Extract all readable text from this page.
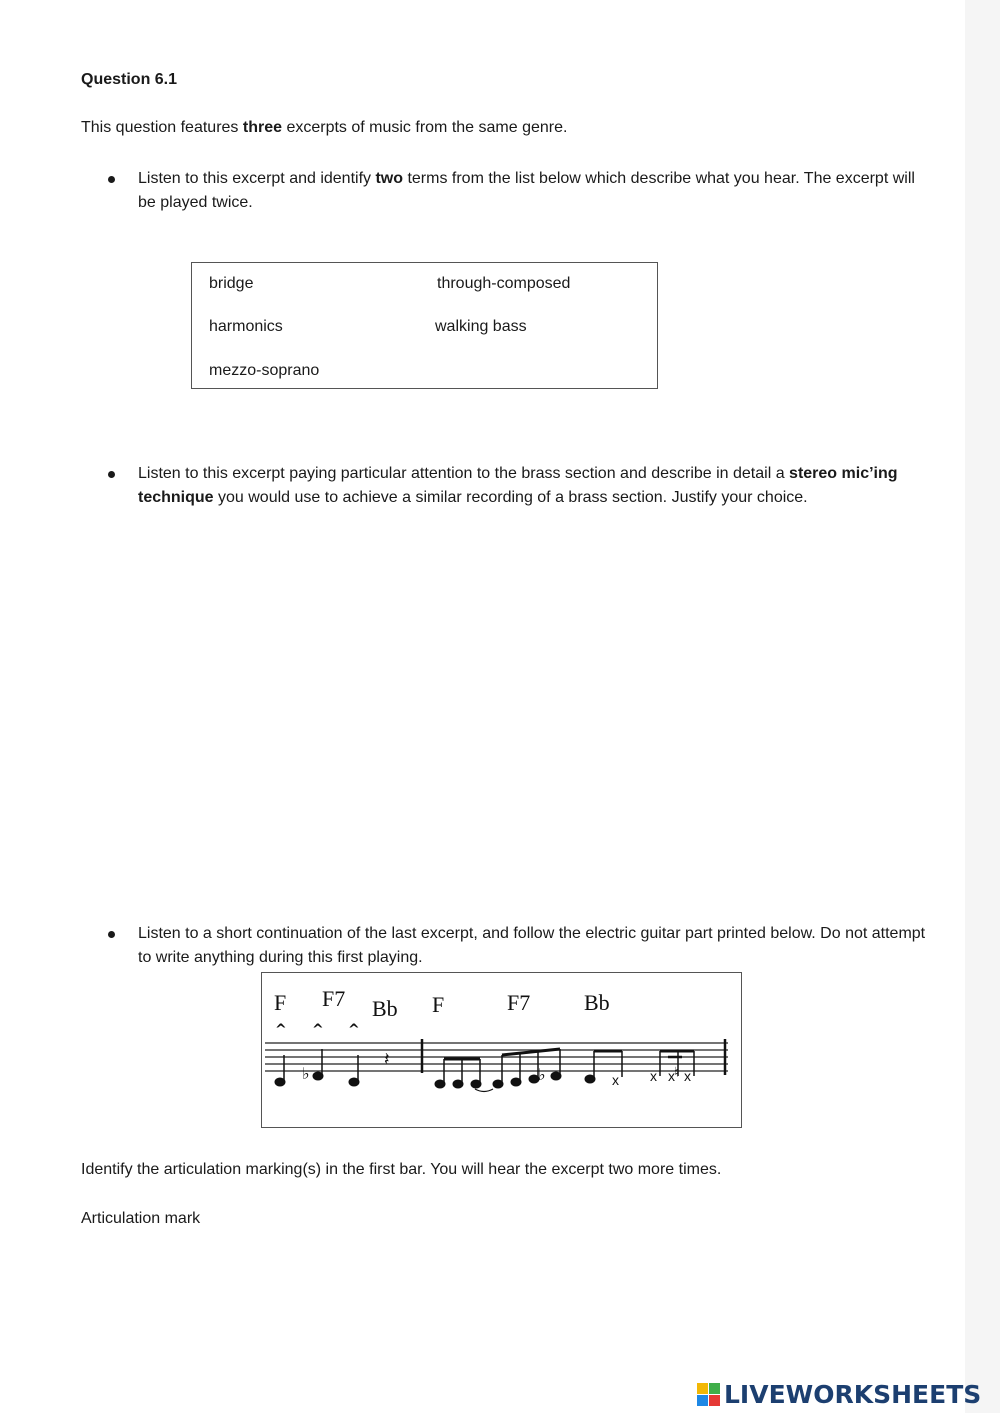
Question 6.1
This question features three excerpts of music from the same genre.
Listen to this excerpt and identify two terms from the list below which describe what you hear. The excerpt will be played twice.
bridge	through-composed
harmonics	walking bass
mezzo-soprano
Listen to this excerpt paying particular attention to the brass section and describe in detail a stereo mic’ing technique you would use to achieve a similar recording of a brass section. Justify your choice.
Listen to a short continuation of the last excerpt, and follow the electric guitar part printed below. Do not attempt to write anything during this first playing.
F F7 Bb F	F7 Bb
^ ^ ^
♭
𝄽
♭	x x x x
♮
Identify the articulation marking(s) in the first bar. You will hear the excerpt two more times.
Articulation mark
LIVEWORKSHEETS
